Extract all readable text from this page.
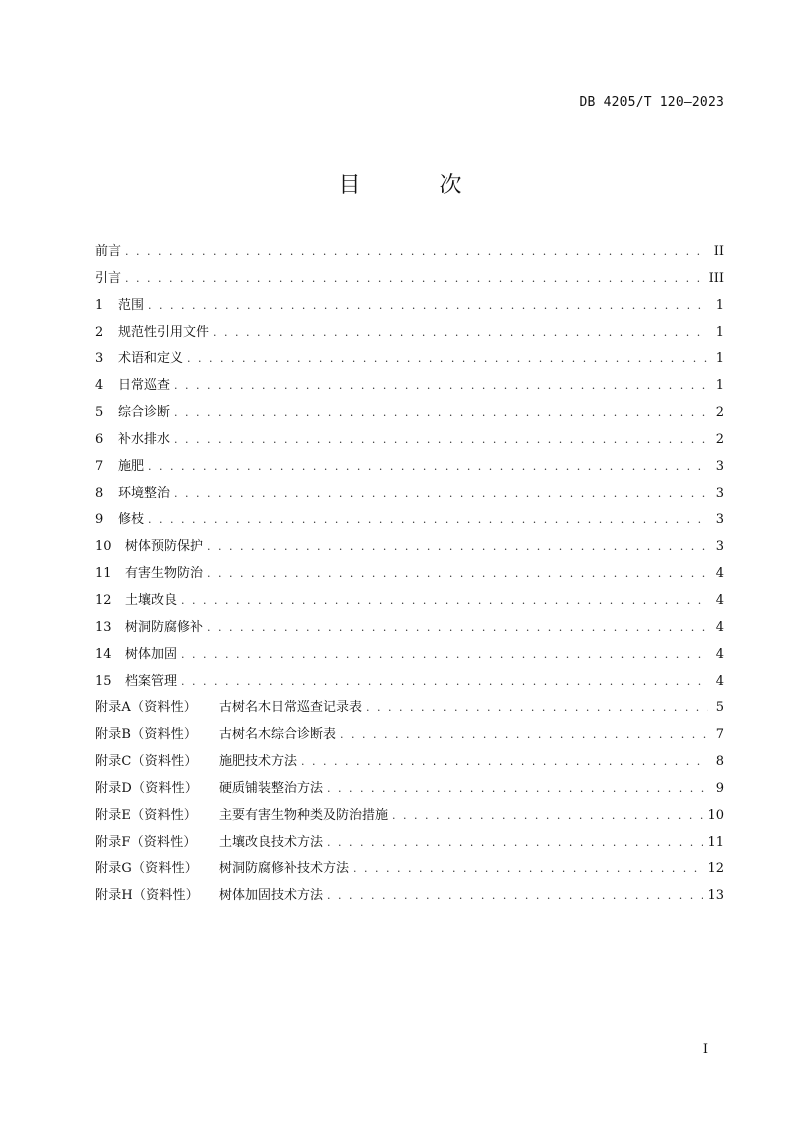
DB 4205/T 120—2023
目 次
前言 . . .	II
引言 . . .	III
1	范围 . . .	1
2	规范性引用文件 . . .	1
3	术语和定义 . . .	1
4	日常巡查 . . .	1
5	综合诊断 . . .	2
6	补水排水 . . .	2
7	施肥 . . .	3
8	环境整治 . . .	3
9	修枝 . . .	3
10	树体预防保护 . . .	3
11	有害生物防治 . . .	4
12	土壤改良 . . .	4
13	树洞防腐修补 . . .	4
14	树体加固 . . .	4
15	档案管理 . . .	4
附录A（资料性）	古树名木日常巡查记录表 . . .	5
附录B（资料性）	古树名木综合诊断表 . . .	7
附录C（资料性）	施肥技术方法 . . .	8
附录D（资料性）	硬质铺装整治方法 . . .	9
附录E（资料性）	主要有害生物种类及防治措施 . . .	10
附录F（资料性）	土壤改良技术方法 . . .	11
附录G（资料性）	树洞防腐修补技术方法 . . .	12
附录H（资料性）	树体加固技术方法 . . .	13
I
